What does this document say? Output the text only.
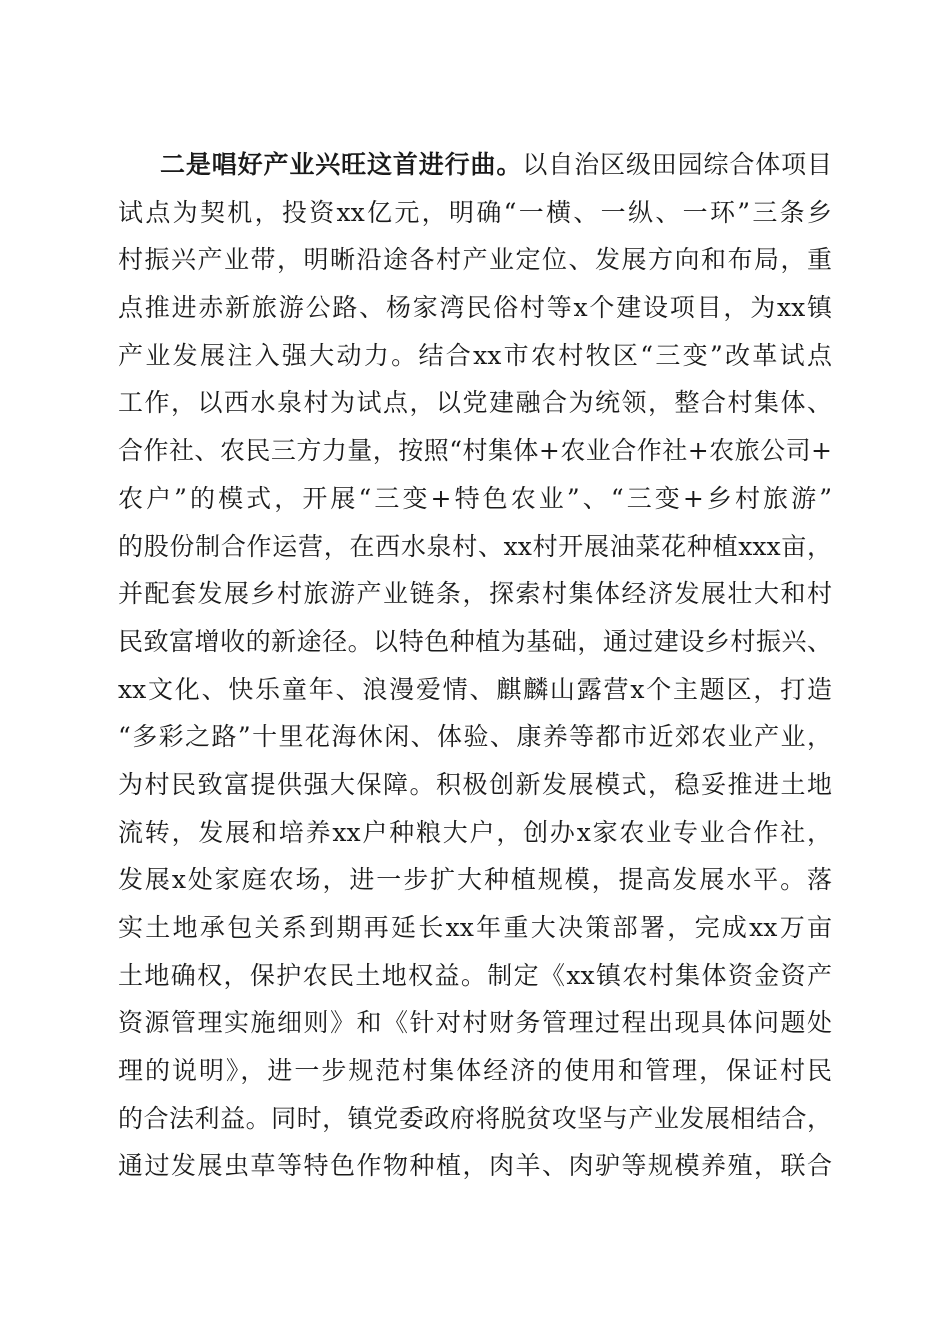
二是唱好产业兴旺这首进行曲。以自治区级田园综合体项目
试点为契机，投资xx亿元，明确“一横、一纵、一环”三条乡
村振兴产业带，明晰沿途各村产业定位、发展方向和布局，重
点推进赤新旅游公路、杨家湾民俗村等x个建设项目，为xx镇
产业发展注入强大动力。结合xx市农村牧区“三变”改革试点
工作，以西水泉村为试点，以党建融合为统领，整合村集体、
合作社、农民三方力量，按照“村集体+农业合作社+农旅公司+
农户”的模式，开展“三变+特色农业”、“三变+乡村旅游”
的股份制合作运营，在西水泉村、xx村开展油菜花种植xxx亩，
并配套发展乡村旅游产业链条，探索村集体经济发展壮大和村
民致富增收的新途径。以特色种植为基础，通过建设乡村振兴、
xx文化、快乐童年、浪漫爱情、麒麟山露营x个主题区，打造
“多彩之路”十里花海休闲、体验、康养等都市近郊农业产业，
为村民致富提供强大保障。积极创新发展模式，稳妥推进土地
流转，发展和培养xx户种粮大户，创办x家农业专业合作社，
发展x处家庭农场，进一步扩大种植规模，提高发展水平。落
实土地承包关系到期再延长xx年重大决策部署，完成xx万亩
土地确权，保护农民土地权益。制定《xx镇农村集体资金资产
资源管理实施细则》和《针对村财务管理过程出现具体问题处
理的说明》，进一步规范村集体经济的使用和管理，保证村民
的合法利益。同时，镇党委政府将脱贫攻坚与产业发展相结合，
通过发展虫草等特色作物种植，肉羊、肉驴等规模养殖，联合
